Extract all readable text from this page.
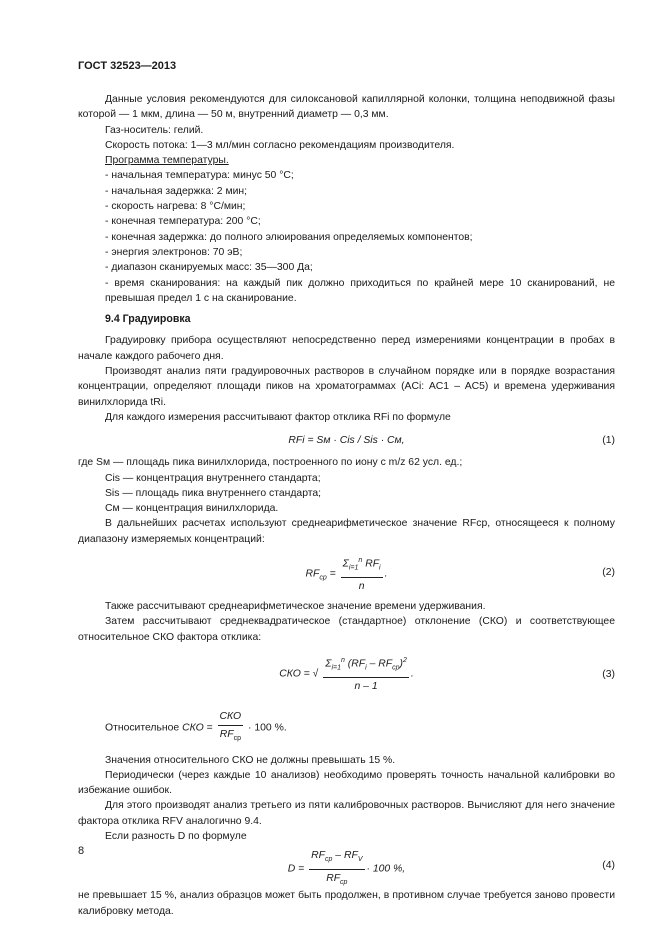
ГОСТ 32523—2013

Данные условия рекомендуются для силоксановой капиллярной колонки, толщина неподвижной фазы которой — 1 мкм, длина — 50 м, внутренний диаметр — 0,3 мм.

Газ-носитель: гелий.

Скорость потока: 1—3 мл/мин согласно рекомендациям производителя.

Программа температуры.

- начальная температура: минус 50 °С;

- начальная задержка: 2 мин;

- скорость нагрева: 8 °С/мин;

- конечная температура: 200 °С;

- конечная задержка: до полного элюирования определяемых компонентов;

- энергия электронов: 70 эВ;

- диапазон сканируемых масс: 35—300 Да;

- время сканирования: на каждый пик должно приходиться по крайней мере 10 сканирований, не превышая предел 1 с на сканирование.

9.4 Градуировка

Градуировку прибора осуществляют непосредственно перед измерениями концентрации в пробах в начале каждого рабочего дня.

Производят анализ пяти градуировочных растворов в случайном порядке или в порядке возрастания концентрации, определяют площади пиков на хроматограммах (AСi: AC1 – AC5) и времена удерживания винилхлорида tRi.

Для каждого измерения рассчитывают фактор отклика RFi по формуле

RFi = Sм · Cis / Sis · Cм,	(1)

где Sм — площадь пика винилхлорида, построенного по иону с m/z 62 усл. ед.;

Cis — концентрация внутреннего стандарта;

Sis — площадь пика внутреннего стандарта;

Cм — концентрация винилхлорида.

В дальнейших расчетах используют среднеарифметическое значение RFср, относящееся к полному диапазону измеряемых концентраций:

$RF_{ср} = \frac{\Sigma_{i=1}^n RF_i}{n}$ .	(2)

Также рассчитывают среднеарифметическое значение времени удерживания.

Затем рассчитывают среднеквадратическое (стандартное) отклонение (СКО) и соответствующее относительное СКО фактора отклика:

СКО = √ $\frac{\Sigma_{i=1}^n (RF_i - RF_{ср})^2}{n - 1}$ .	(3)

Относительное СКО = $\frac{\text{СКО}}{RF_{ср}} \cdot 100$ %.

Значения относительного СКО не должны превышать 15 %.

Периодически (через каждые 10 анализов) необходимо проверять точность начальной калибровки во избежание ошибок.

Для этого производят анализ третьего из пяти калибровочных растворов. Вычисляют для него значение фактора отклика RFV аналогично 9.4.

Если разность D по формуле

$D = \frac{RF_{ср} - RF_V}{RF_{ср}} \cdot 100$ %,	(4)

не превышает 15 %, анализ образцов может быть продолжен, в противном случае требуется заново провести калибровку метода.

8
